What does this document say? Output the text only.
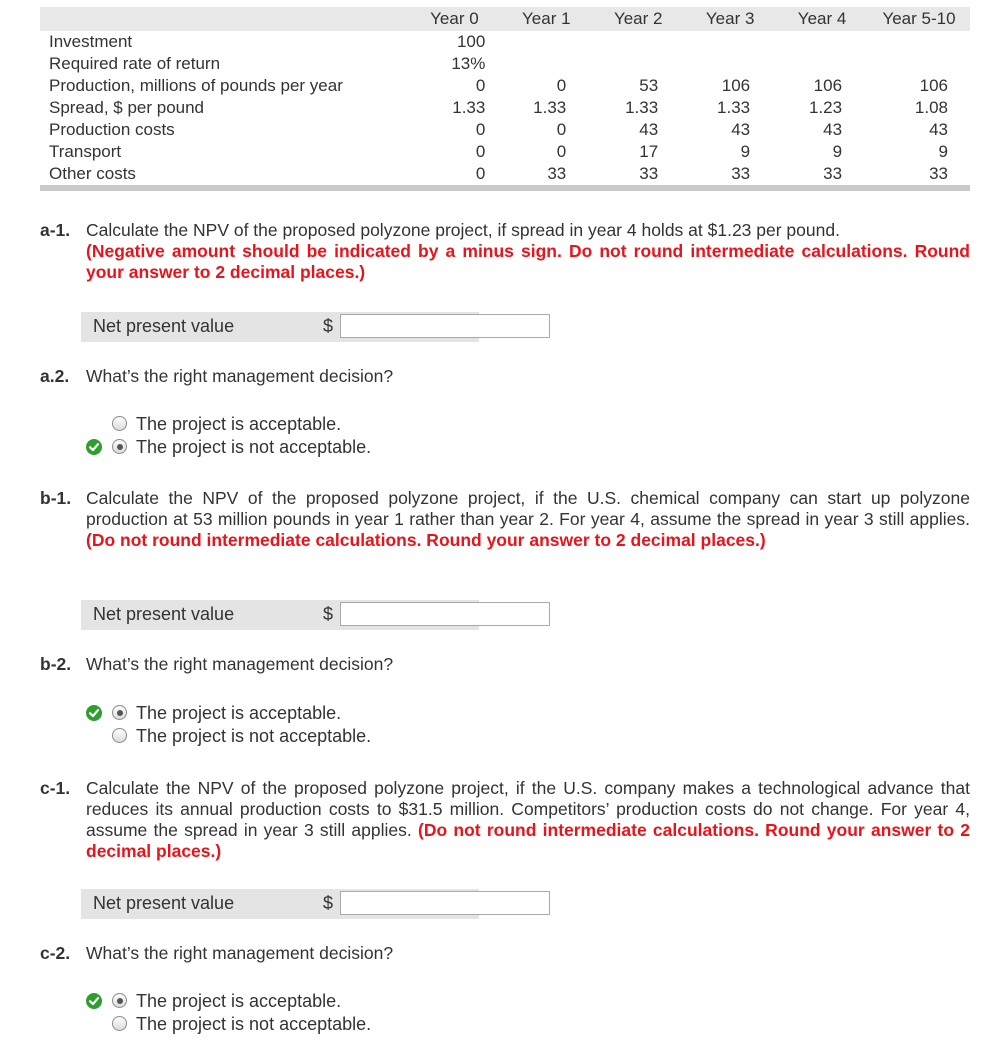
	Year 0	Year 1	Year 2	Year 3	Year 4	Year 5-10
Investment	100					
Required rate of return	13%					
Production, millions of pounds per year	0	0	53	106	106	106
Spread, $ per pound	1.33	1.33	1.33	1.33	1.23	1.08
Production costs	0	0	43	43	43	43
Transport	0	0	17	9	9	9
Other costs	0	33	33	33	33	33
a-1. Calculate the NPV of the proposed polyzone project, if spread in year 4 holds at $1.23 per pound.
(Negative amount should be indicated by a minus sign. Do not round intermediate calculations. Round your answer to 2 decimal places.)
Net present value	$
a.2. What’s the right management decision?
The project is acceptable.
The project is not acceptable.
b-1. Calculate the NPV of the proposed polyzone project, if the U.S. chemical company can start up polyzone production at 53 million pounds in year 1 rather than year 2. For year 4, assume the spread in year 3 still applies. (Do not round intermediate calculations. Round your answer to 2 decimal places.)
Net present value	$
b-2. What’s the right management decision?
The project is acceptable.
The project is not acceptable.
c-1. Calculate the NPV of the proposed polyzone project, if the U.S. company makes a technological advance that reduces its annual production costs to $31.5 million. Competitors’ production costs do not change. For year 4, assume the spread in year 3 still applies. (Do not round intermediate calculations. Round your answer to 2 decimal places.)
Net present value	$
c-2. What’s the right management decision?
The project is acceptable.
The project is not acceptable.
